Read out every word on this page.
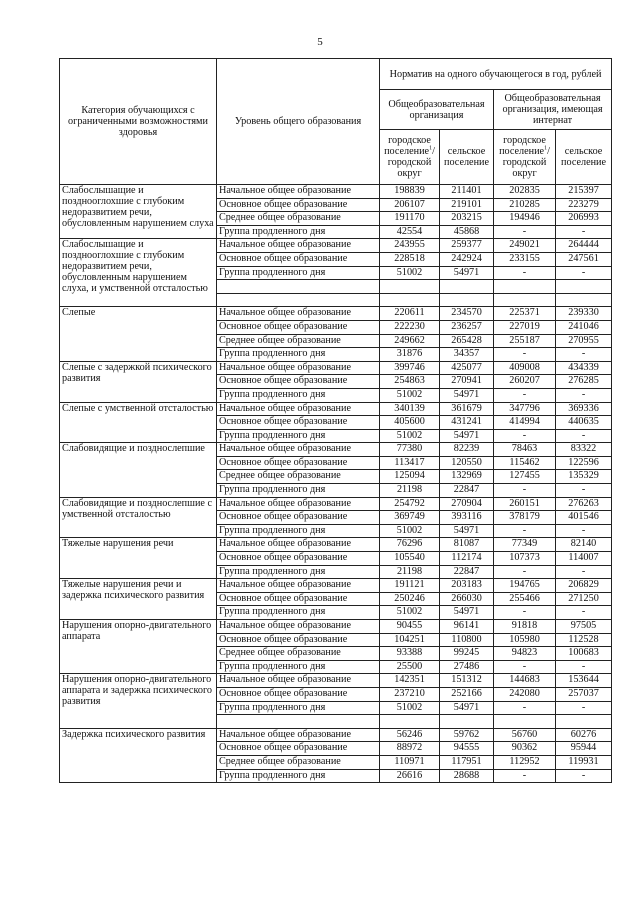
5
Категория обучающихся с ограниченными возможностями здоровья	Уровень общего образования	Норматив на одного обучающегося в год, рублей			
		Общеобразовательная организация		Общеобразовательная организация, имеющая интернат	
		городское поселение$^1$/ городской округ	сельское поселение	городское поселение$^1$/ городской округ	сельское поселение
Слабослышащие и позднооглохшие с глубоким недоразвитием речи, обусловленным нарушением слуха	Начальное общее образование	198839	211401	202835	215397
	Основное общее образование	206107	219101	210285	223279
	Среднее общее образование	191170	203215	194946	206993
	Группа продленного дня	42554	45868	-	-
Слабослышащие и позднооглохшие с глубоким недоразвитием речи, обусловленным нарушением слуха, и умственной отсталостью	Начальное общее образование	243955	259377	249021	264444
	Основное общее образование	228518	242924	233155	247561
	Группа продленного дня	51002	54971	-	-

Слепые	Начальное общее образование	220611	234570	225371	239330
	Основное общее образование	222230	236257	227019	241046
	Среднее общее образование	249662	265428	255187	270955
	Группа продленного дня	31876	34357	-	-
Слепые с задержкой психического развития	Начальное общее образование	399746	425077	409008	434339
	Основное общее образование	254863	270941	260207	276285
	Группа продленного дня	51002	54971	-	-
Слепые с умственной отсталостью	Начальное общее образование	340139	361679	347796	369336
	Основное общее образование	405600	431241	414994	440635
	Группа продленного дня	51002	54971	-	-
Слабовидящие и позднослепшие	Начальное общее образование	77380	82239	78463	83322
	Основное общее образование	113417	120550	115462	122596
	Среднее общее образование	125094	132969	127455	135329
	Группа продленного дня	21198	22847	-	-
Слабовидящие и позднослепшие с умственной отсталостью	Начальное общее образование	254792	270904	260151	276263
	Основное общее образование	369749	393116	378179	401546
	Группа продленного дня	51002	54971	-	-
Тяжелые нарушения речи	Начальное общее образование	76296	81087	77349	82140
	Основное общее образование	105540	112174	107373	114007
	Группа продленного дня	21198	22847	-	-
Тяжелые нарушения речи и задержка психического развития	Начальное общее образование	191121	203183	194765	206829
	Основное общее образование	250246	266030	255466	271250
	Группа продленного дня	51002	54971	-	-
Нарушения опорно-двигательного аппарата	Начальное общее образование	90455	96141	91818	97505
	Основное общее образование	104251	110800	105980	112528
	Среднее общее образование	93388	99245	94823	100683
	Группа продленного дня	25500	27486	-	-
Нарушения опорно-двигательного аппарата и задержка психического развития	Начальное общее образование	142351	151312	144683	153644
	Основное общее образование	237210	252166	242080	257037
	Группа продленного дня	51002	54971	-	-

Задержка психического развития	Начальное общее образование	56246	59762	56760	60276
	Основное общее образование	88972	94555	90362	95944
	Среднее общее образование	110971	117951	112952	119931
	Группа продленного дня	26616	28688	-	-
